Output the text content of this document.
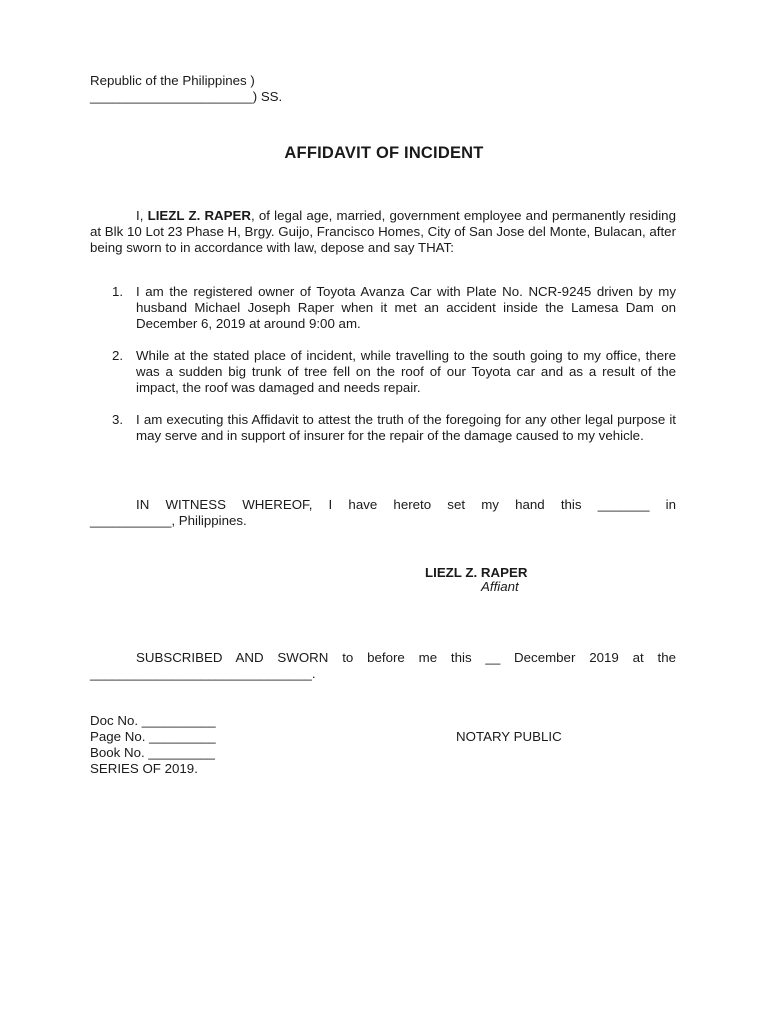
Republic of the Philippines )
______________________) SS.
AFFIDAVIT OF INCIDENT
I, LIEZL Z. RAPER, of legal age, married, government employee and permanently residing at Blk 10 Lot 23 Phase H, Brgy. Guijo, Francisco Homes, City of San Jose del Monte, Bulacan, after being sworn to in accordance with law, depose and say THAT:
1. I am the registered owner of Toyota Avanza Car with Plate No. NCR-9245 driven by my husband Michael Joseph Raper when it met an accident inside the Lamesa Dam on December 6, 2019 at around 9:00 am.
2. While at the stated place of incident, while travelling to the south going to my office, there was a sudden big trunk of tree fell on the roof of our Toyota car and as a result of the impact, the roof was damaged and needs repair.
3. I am executing this Affidavit to attest the truth of the foregoing for any other legal purpose it may serve and in support of insurer for the repair of the damage caused to my vehicle.
IN WITNESS WHEREOF, I have hereto set my hand this _______ in
___________, Philippines.
LIEZL Z. RAPER
Affiant
SUBSCRIBED AND SWORN to before me this __ December 2019 at the
______________________________.
Doc No. __________
Page No. _________
Book No. _________
SERIES OF 2019.
NOTARY PUBLIC
